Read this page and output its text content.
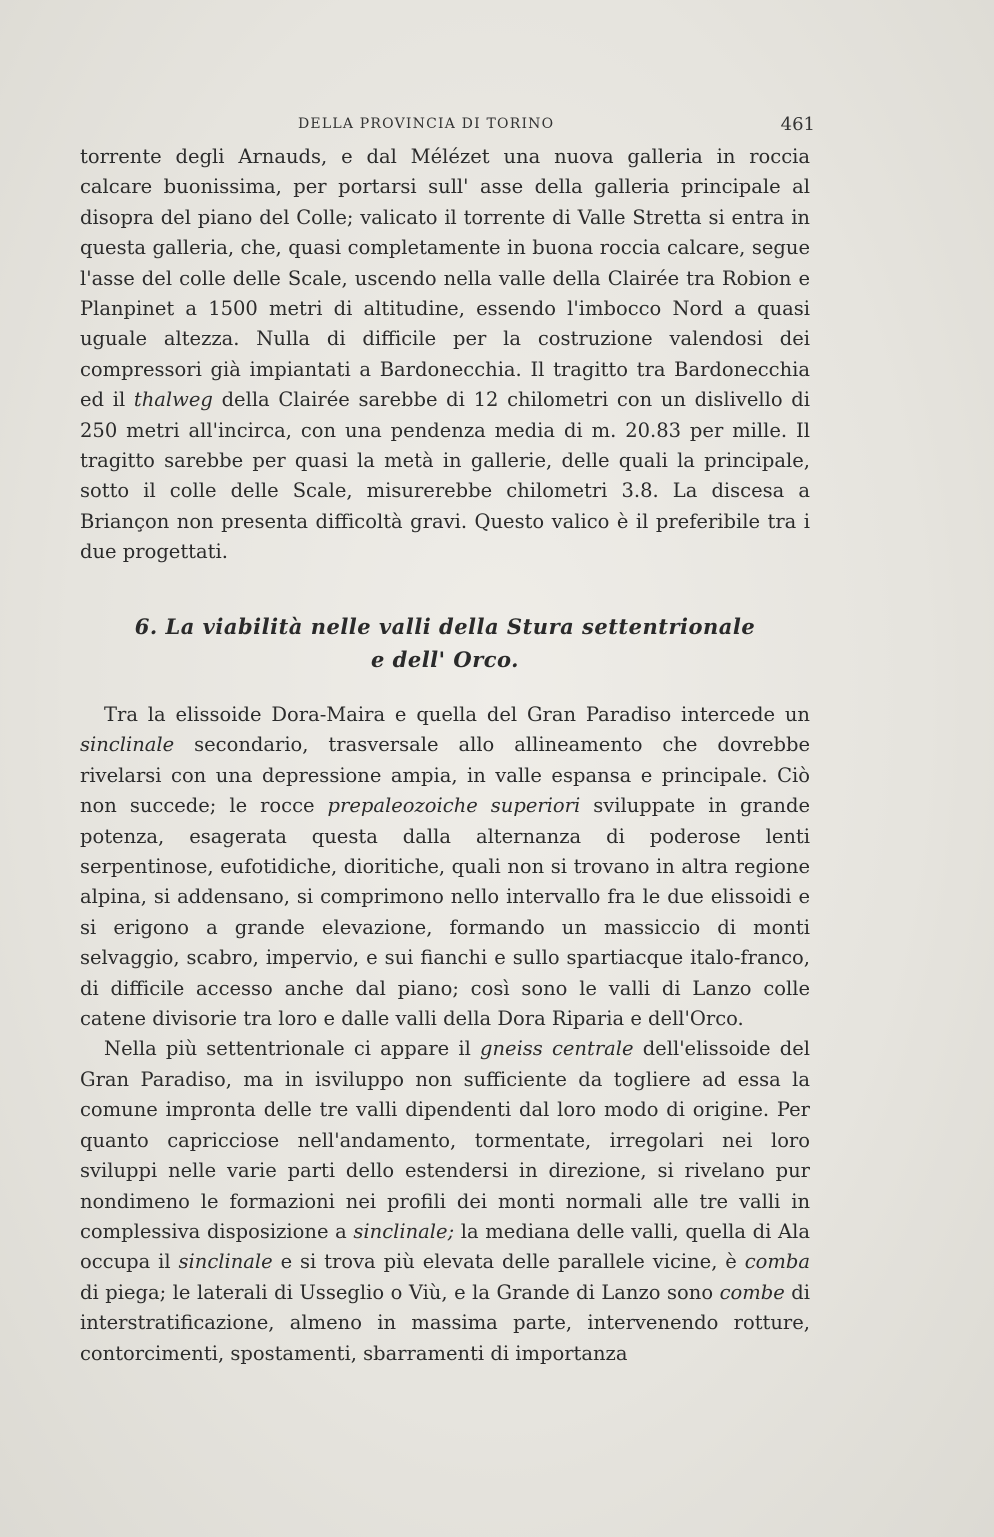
DELLA PROVINCIA DI TORINO	461

torrente degli Arnauds, e dal Mélézet una nuova galleria in roccia calcare buonissima, per portarsi sull' asse della galleria principale al disopra del piano del Colle; valicato il torrente di Valle Stretta si entra in questa galleria, che, quasi completamente in buona roccia calcare, segue l'asse del colle delle Scale, uscendo nella valle della Clairée tra Robion e Planpinet a 1500 metri di altitudine, essendo l'imbocco Nord a quasi uguale altezza. Nulla di difficile per la costruzione valendosi dei compressori già impiantati a Bardonecchia. Il tragitto tra Bardonecchia ed il thalweg della Clairée sarebbe di 12 chilometri con un dislivello di 250 metri all'incirca, con una pendenza media di m. 20.83 per mille. Il tragitto sarebbe per quasi la metà in gallerie, delle quali la principale, sotto il colle delle Scale, misurerebbe chilometri 3.8. La discesa a Briançon non presenta difficoltà gravi. Questo valico è il preferibile tra i due progettati.

6. La viabilità nelle valli della Stura settentrionale
e dell' Orco.

Tra la elissoide Dora-Maira e quella del Gran Paradiso intercede un sinclinale secondario, trasversale allo allineamento che dovrebbe rivelarsi con una depressione ampia, in valle espansa e principale. Ciò non succede; le rocce prepaleozoiche superiori sviluppate in grande potenza, esagerata questa dalla alternanza di poderose lenti serpentinose, eufotidiche, dioritiche, quali non si trovano in altra regione alpina, si addensano, si comprimono nello intervallo fra le due elissoidi e si erigono a grande elevazione, formando un massiccio di monti selvaggio, scabro, impervio, e sui fianchi e sullo spartiacque italo-franco, di difficile accesso anche dal piano; così sono le valli di Lanzo colle catene divisorie tra loro e dalle valli della Dora Riparia e dell'Orco.

Nella più settentrionale ci appare il gneiss centrale dell'elissoide del Gran Paradiso, ma in isviluppo non sufficiente da togliere ad essa la comune impronta delle tre valli dipendenti dal loro modo di origine. Per quanto capricciose nell'andamento, tormentate, irregolari nei loro sviluppi nelle varie parti dello estendersi in direzione, si rivelano pur nondimeno le formazioni nei profili dei monti normali alle tre valli in complessiva disposizione a sinclinale; la mediana delle valli, quella di Ala occupa il sinclinale e si trova più elevata delle parallele vicine, è comba di piega; le laterali di Usseglio o Viù, e la Grande di Lanzo sono combe di interstratificazione, almeno in massima parte, intervenendo rotture, contorcimenti, spostamenti, sbarramenti di importanza
